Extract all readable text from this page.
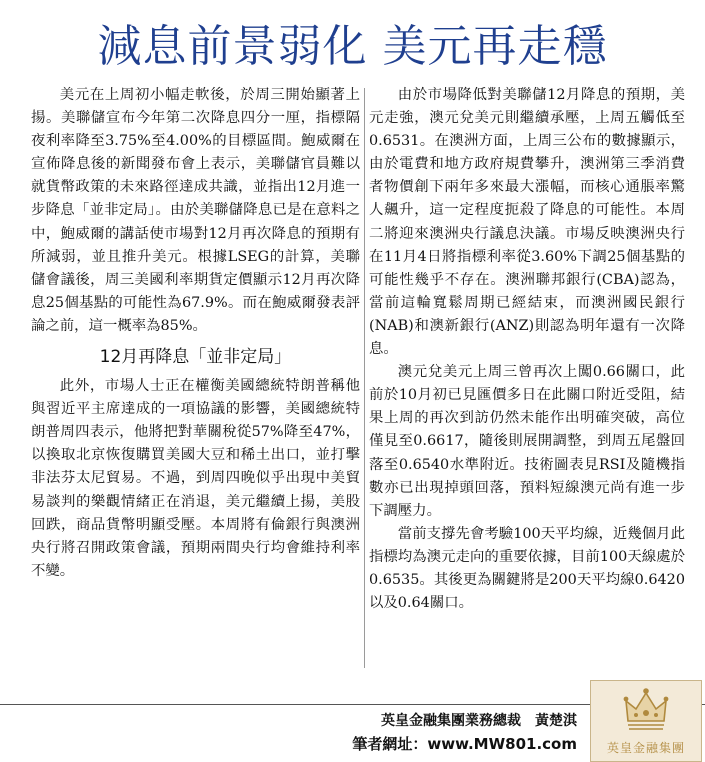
減息前景弱化 美元再走穩

美元在上周初小幅走軟後，於周三開始顯著上揚。美聯儲宣布今年第二次降息四分一厘，指標隔夜利率降至3.75%至4.00%的目標區間。鮑威爾在宣佈降息後的新聞發布會上表示，美聯儲官員難以就貨幣政策的未來路徑達成共識，並指出12月進一步降息「並非定局」。由於美聯儲降息已是在意料之中，鮑威爾的講話使市場對12月再次降息的預期有所減弱，並且推升美元。根據LSEG的計算，美聯儲會議後，周三美國利率期貨定價顯示12月再次降息25個基點的可能性為67.9%。而在鮑威爾發表評論之前，這一概率為85%。

12月再降息「並非定局」

此外，市場人士正在權衡美國總統特朗普稱他與習近平主席達成的一項協議的影響，美國總統特朗普周四表示，他將把對華關稅從57%降至47%，以換取北京恢復購買美國大豆和稀土出口，並打擊非法芬太尼貿易。不過，到周四晚似乎出現中美貿易談判的樂觀情緒正在消退，美元繼續上揚，美股回跌，商品貨幣明顯受壓。本周將有倫銀行與澳洲央行將召開政策會議，預期兩間央行均會維持利率不變。

由於市場降低對美聯儲12月降息的預期，美元走強，澳元兌美元則繼續承壓，上周五觸低至0.6531。在澳洲方面，上周三公布的數據顯示，由於電費和地方政府規費攀升，澳洲第三季消費者物價創下兩年多來最大漲幅，而核心通脹率驚人飆升，這一定程度扼殺了降息的可能性。本周二將迎來澳洲央行議息決議。市場反映澳洲央行在11月4日將指標利率從3.60%下調25個基點的可能性幾乎不存在。澳洲聯邦銀行(CBA)認為，當前這輪寬鬆周期已經結束，而澳洲國民銀行(NAB)和澳新銀行(ANZ)則認為明年還有一次降息。

澳元兌美元上周三曾再次上闖0.66關口，此前於10月初已見匯價多日在此關口附近受阻，結果上周的再次到訪仍然未能作出明確突破，高位僅見至0.6617，隨後則展開調整，到周五尾盤回落至0.6540水準附近。技術圖表見RSI及隨機指數亦已出現掉頭回落，預料短線澳元尚有進一步下調壓力。

當前支撐先會考驗100天平均線，近幾個月此指標均為澳元走向的重要依據，目前100天線處於0.6535。其後更為關鍵將是200天平均線0.6420以及0.64關口。

英皇金融集團業務總裁　黃楚淇
筆者網址：www.MW801.com	英皇金融集團
